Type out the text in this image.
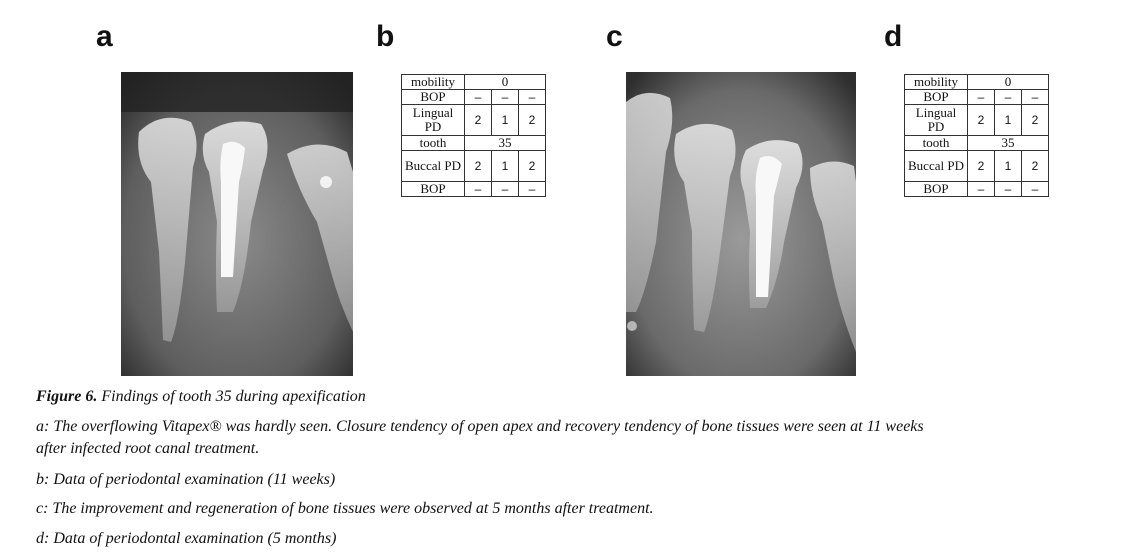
a	b	c	d
mobility	0		
BOP	–	–	–
Lingual PD	2	1	2
tooth	35		
Buccal PD	2	1	2
BOP	–	–	–
mobility	0		
BOP	–	–	–
Lingual PD	2	1	2
tooth	35		
Buccal PD	2	1	2
BOP	–	–	–
Figure 6. Findings of tooth 35 during apexification
a: The overflowing Vitapex® was hardly seen. Closure tendency of open apex and recovery tendency of bone tissues were seen at 11 weeks
after infected root canal treatment.
b: Data of periodontal examination (11 weeks)
c: The improvement and regeneration of bone tissues were observed at 5 months after treatment.
d: Data of periodontal examination (5 months)
